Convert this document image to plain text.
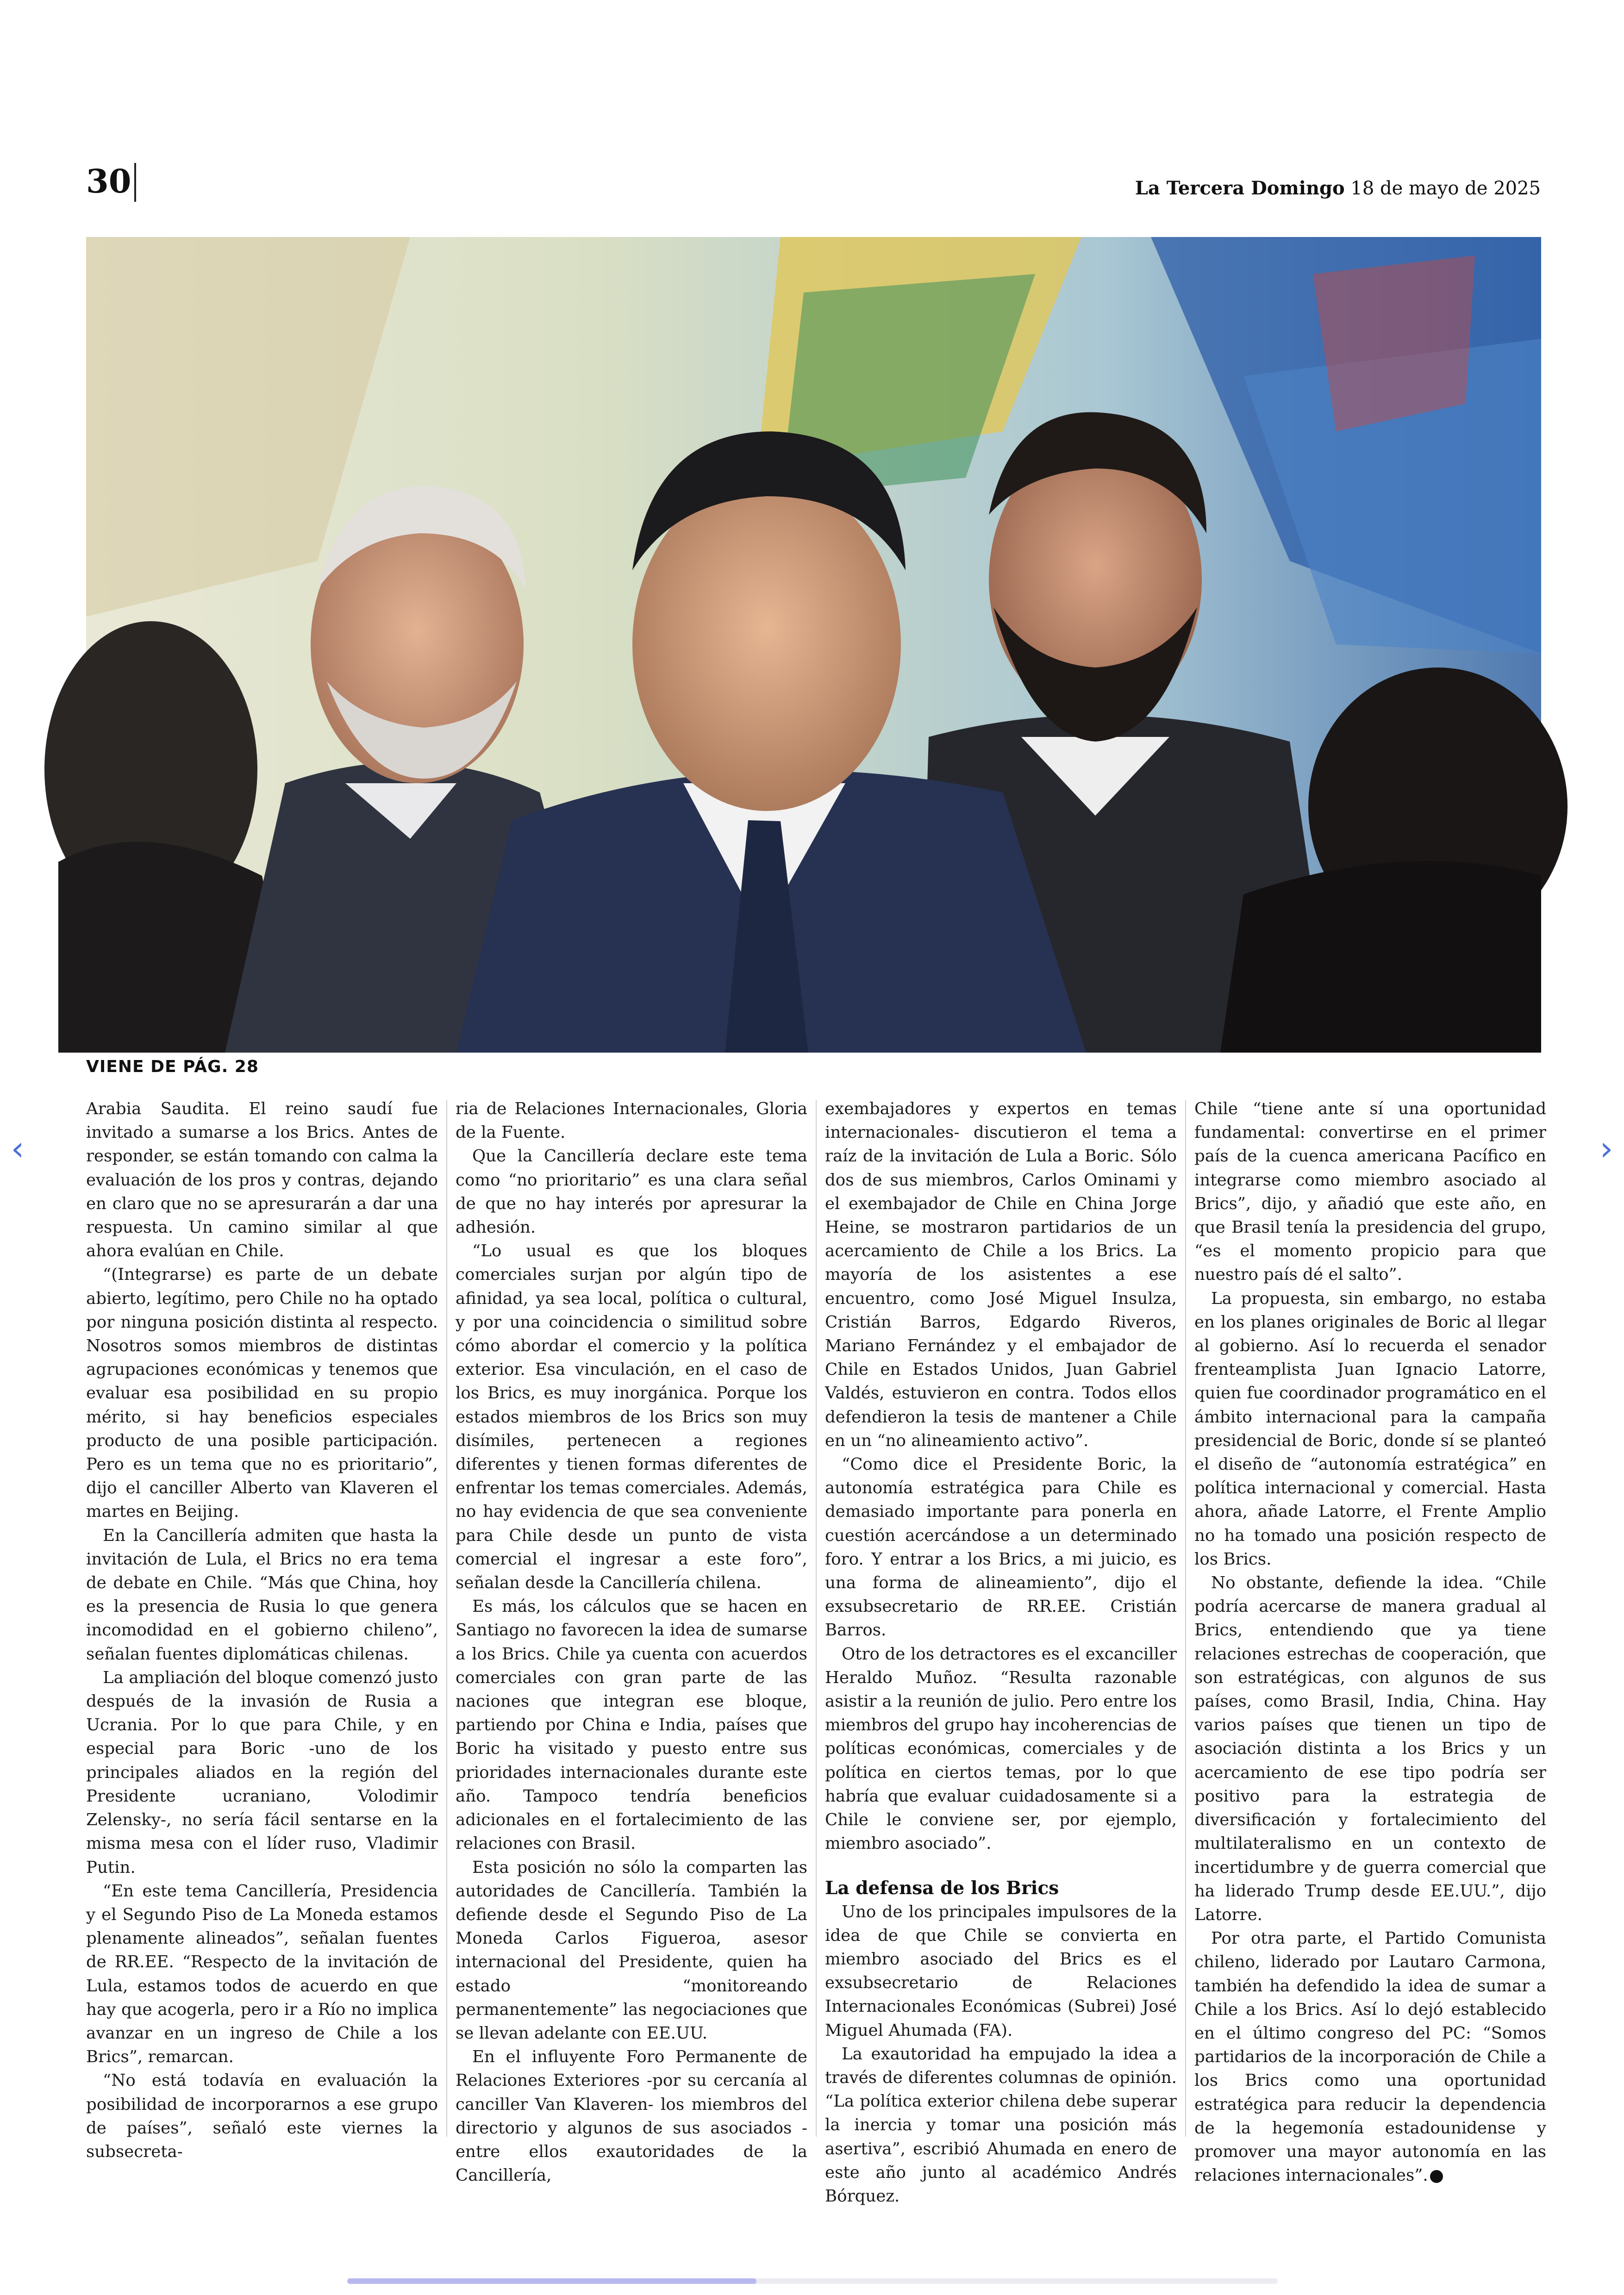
30	La Tercera Domingo 18 de mayo de 2025
VIENE DE PÁG. 28

Arabia Saudita. El reino saudí fue invitado a sumarse a los Brics. Antes de responder, se están tomando con calma la evaluación de los pros y contras, dejando en claro que no se apresurarán a dar una respuesta. Un camino similar al que ahora evalúan en Chile.

“(Integrarse) es parte de un debate abierto, legítimo, pero Chile no ha optado por ninguna posición distinta al respecto. Nosotros somos miembros de distintas agrupaciones económicas y tenemos que evaluar esa posibilidad en su propio mérito, si hay beneficios especiales producto de una posible participación. Pero es un tema que no es prioritario”, dijo el canciller Alberto van Klaveren el martes en Beijing.

En la Cancillería admiten que hasta la invitación de Lula, el Brics no era tema de debate en Chile. “Más que China, hoy es la presencia de Rusia lo que genera incomodidad en el gobierno chileno”, señalan fuentes diplomáticas chilenas.

La ampliación del bloque comenzó justo después de la invasión de Rusia a Ucrania. Por lo que para Chile, y en especial para Boric -uno de los principales aliados en la región del Presidente ucraniano, Volodimir Zelensky-, no sería fácil sentarse en la misma mesa con el líder ruso, Vladimir Putin.

“En este tema Cancillería, Presidencia y el Segundo Piso de La Moneda estamos plenamente alineados”, señalan fuentes de RR.EE. “Respecto de la invitación de Lula, estamos todos de acuerdo en que hay que acogerla, pero ir a Río no implica avanzar en un ingreso de Chile a los Brics”, remarcan.

“No está todavía en evaluación la posibilidad de incorporarnos a ese grupo de países”, señaló este viernes la subsecreta-

ria de Relaciones Internacionales, Gloria de la Fuente.

Que la Cancillería declare este tema como “no prioritario” es una clara señal de que no hay interés por apresurar la adhesión.

“Lo usual es que los bloques comerciales surjan por algún tipo de afinidad, ya sea local, política o cultural, y por una coincidencia o similitud sobre cómo abordar el comercio y la política exterior. Esa vinculación, en el caso de los Brics, es muy inorgánica. Porque los estados miembros de los Brics son muy disímiles, pertenecen a regiones diferentes y tienen formas diferentes de enfrentar los temas comerciales. Además, no hay evidencia de que sea conveniente para Chile desde un punto de vista comercial el ingresar a este foro”, señalan desde la Cancillería chilena.

Es más, los cálculos que se hacen en Santiago no favorecen la idea de sumarse a los Brics. Chile ya cuenta con acuerdos comerciales con gran parte de las naciones que integran ese bloque, partiendo por China e India, países que Boric ha visitado y puesto entre sus prioridades internacionales durante este año. Tampoco tendría beneficios adicionales en el fortalecimiento de las relaciones con Brasil.

Esta posición no sólo la comparten las autoridades de Cancillería. También la defiende desde el Segundo Piso de La Moneda Carlos Figueroa, asesor internacional del Presidente, quien ha estado “monitoreando permanentemente” las negociaciones que se llevan adelante con EE.UU.

En el influyente Foro Permanente de Relaciones Exteriores -por su cercanía al canciller Van Klaveren- los miembros del directorio y algunos de sus asociados -entre ellos exautoridades de la Cancillería,

exembajadores y expertos en temas internacionales- discutieron el tema a raíz de la invitación de Lula a Boric. Sólo dos de sus miembros, Carlos Ominami y el exembajador de Chile en China Jorge Heine, se mostraron partidarios de un acercamiento de Chile a los Brics. La mayoría de los asistentes a ese encuentro, como José Miguel Insulza, Cristián Barros, Edgardo Riveros, Mariano Fernández y el embajador de Chile en Estados Unidos, Juan Gabriel Valdés, estuvieron en contra. Todos ellos defendieron la tesis de mantener a Chile en un “no alineamiento activo”.

“Como dice el Presidente Boric, la autonomía estratégica para Chile es demasiado importante para ponerla en cuestión acercándose a un determinado foro. Y entrar a los Brics, a mi juicio, es una forma de alineamiento”, dijo el exsubsecretario de RR.EE. Cristián Barros.

Otro de los detractores es el excanciller Heraldo Muñoz. “Resulta razonable asistir a la reunión de julio. Pero entre los miembros del grupo hay incoherencias de políticas económicas, comerciales y de política en ciertos temas, por lo que habría que evaluar cuidadosamente si a Chile le conviene ser, por ejemplo, miembro asociado”.

La defensa de los Brics

Uno de los principales impulsores de la idea de que Chile se convierta en miembro asociado del Brics es el exsubsecretario de Relaciones Internacionales Económicas (Subrei) José Miguel Ahumada (FA).

La exautoridad ha empujado la idea a través de diferentes columnas de opinión. “La política exterior chilena debe superar la inercia y tomar una posición más asertiva”, escribió Ahumada en enero de este año junto al académico Andrés Bórquez.

Chile “tiene ante sí una oportunidad fundamental: convertirse en el primer país de la cuenca americana Pacífico en integrarse como miembro asociado al Brics”, dijo, y añadió que este año, en que Brasil tenía la presidencia del grupo, “es el momento propicio para que nuestro país dé el salto”.

La propuesta, sin embargo, no estaba en los planes originales de Boric al llegar al gobierno. Así lo recuerda el senador frenteamplista Juan Ignacio Latorre, quien fue coordinador programático en el ámbito internacional para la campaña presidencial de Boric, donde sí se planteó el diseño de “autonomía estratégica” en política internacional y comercial. Hasta ahora, añade Latorre, el Frente Amplio no ha tomado una posición respecto de los Brics.

No obstante, defiende la idea. “Chile podría acercarse de manera gradual al Brics, entendiendo que ya tiene relaciones estrechas de cooperación, que son estratégicas, con algunos de sus países, como Brasil, India, China. Hay varios países que tienen un tipo de asociación distinta a los Brics y un acercamiento de ese tipo podría ser positivo para la estrategia de diversificación y fortalecimiento del multilateralismo en un contexto de incertidumbre y de guerra comercial que ha liderado Trump desde EE.UU.”, dijo Latorre.

Por otra parte, el Partido Comunista chileno, liderado por Lautaro Carmona, también ha defendido la idea de sumar a Chile a los Brics. Así lo dejó establecido en el último congreso del PC: “Somos partidarios de la incorporación de Chile a los Brics como una oportunidad estratégica para reducir la dependencia de la hegemonía estadounidense y promover una mayor autonomía en las relaciones internacionales”. Ⓣ

‹	›
